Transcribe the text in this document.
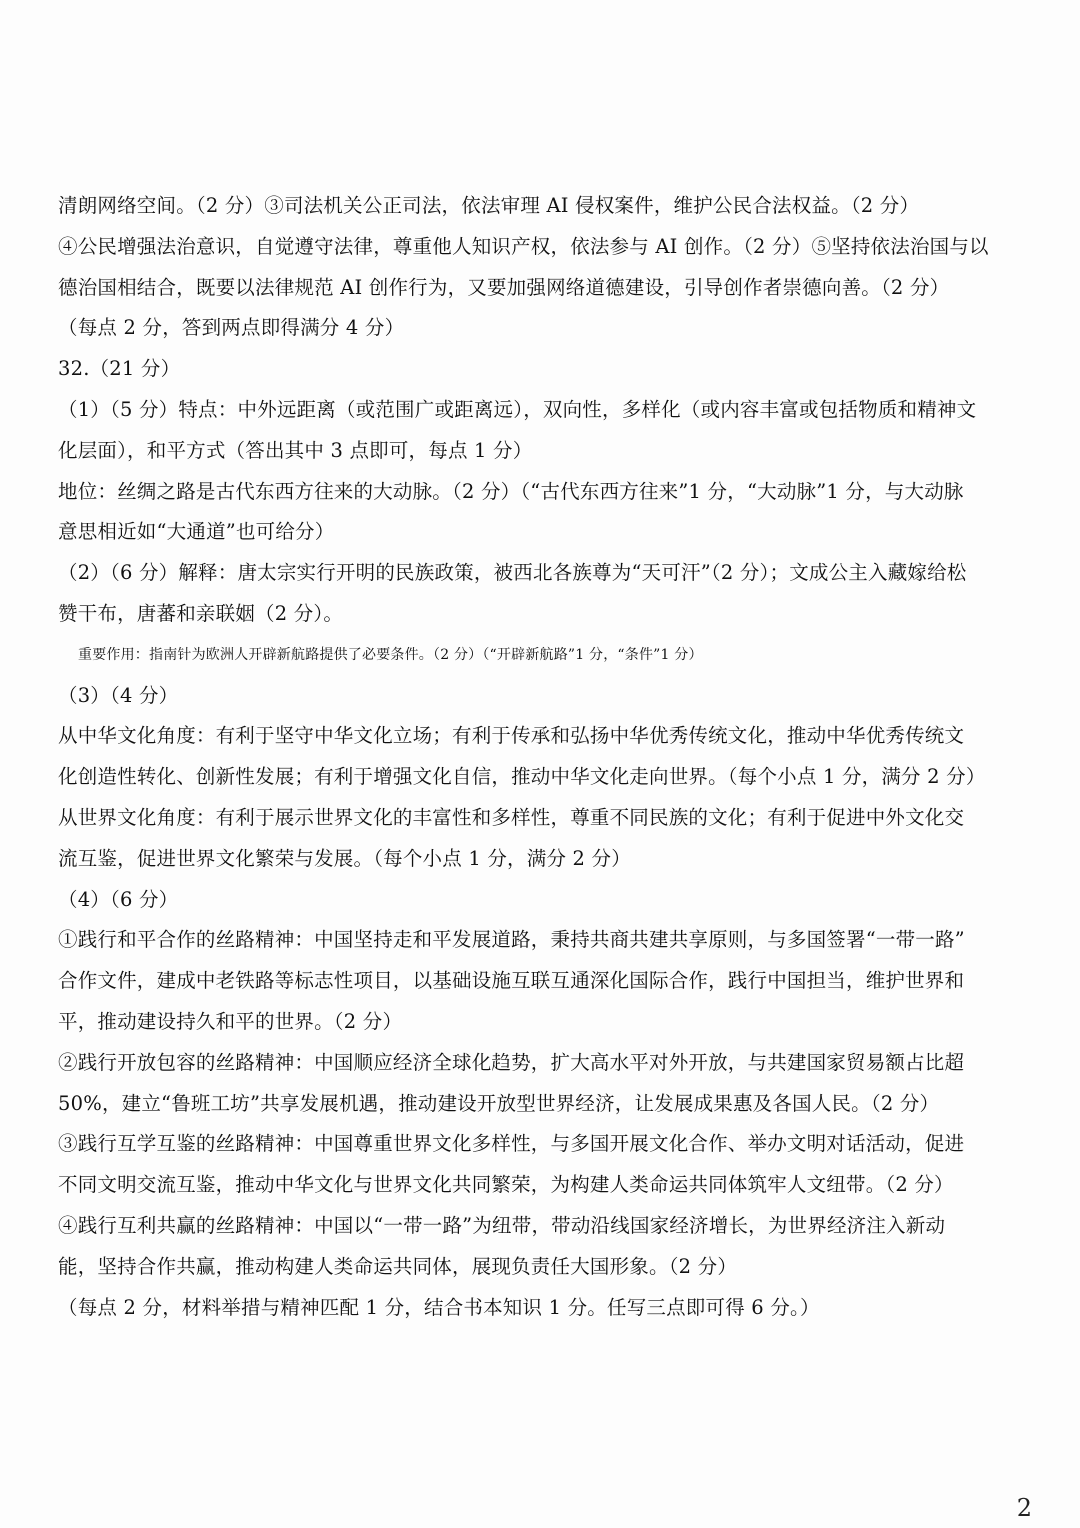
清朗网络空间。（2 分）③司法机关公正司法，依法审理 AI 侵权案件，维护公民合法权益。（2 分）
④公民增强法治意识，自觉遵守法律，尊重他人知识产权，依法参与 AI 创作。（2 分）⑤坚持依法治国与以
德治国相结合，既要以法律规范 AI 创作行为，又要加强网络道德建设，引导创作者崇德向善。（2 分）
（每点 2 分，答到两点即得满分 4 分）
32.（21 分）
（1）（5 分）特点：中外远距离（或范围广或距离远），双向性，多样化（或内容丰富或包括物质和精神文
化层面），和平方式（答出其中 3 点即可，每点 1 分）
地位：丝绸之路是古代东西方往来的大动脉。（2 分）（“古代东西方往来”1 分，“大动脉”1 分，与大动脉
意思相近如“大通道”也可给分）
（2）（6 分）解释：唐太宗实行开明的民族政策，被西北各族尊为“天可汗”（2 分）；文成公主入藏嫁给松
赞干布，唐蕃和亲联姻（2 分）。
重要作用：指南针为欧洲人开辟新航路提供了必要条件。（2 分）（“开辟新航路”1 分，“条件”1 分）
（3）（4 分）
从中华文化角度：有利于坚守中华文化立场；有利于传承和弘扬中华优秀传统文化，推动中华优秀传统文
化创造性转化、创新性发展；有利于增强文化自信，推动中华文化走向世界。（每个小点 1 分，满分 2 分）
从世界文化角度：有利于展示世界文化的丰富性和多样性，尊重不同民族的文化；有利于促进中外文化交
流互鉴，促进世界文化繁荣与发展。（每个小点 1 分，满分 2 分）
（4）（6 分）
①践行和平合作的丝路精神：中国坚持走和平发展道路，秉持共商共建共享原则，与多国签署“一带一路”
合作文件，建成中老铁路等标志性项目，以基础设施互联互通深化国际合作，践行中国担当，维护世界和
平，推动建设持久和平的世界。（2 分）
②践行开放包容的丝路精神：中国顺应经济全球化趋势，扩大高水平对外开放，与共建国家贸易额占比超
50%，建立“鲁班工坊”共享发展机遇，推动建设开放型世界经济，让发展成果惠及各国人民。（2 分）
③践行互学互鉴的丝路精神：中国尊重世界文化多样性，与多国开展文化合作、举办文明对话活动，促进
不同文明交流互鉴，推动中华文化与世界文化共同繁荣，为构建人类命运共同体筑牢人文纽带。（2 分）
④践行互利共赢的丝路精神：中国以“一带一路”为纽带，带动沿线国家经济增长，为世界经济注入新动
能，坚持合作共赢，推动构建人类命运共同体，展现负责任大国形象。（2 分）
（每点 2 分，材料举措与精神匹配 1 分，结合书本知识 1 分。任写三点即可得 6 分。）
2
